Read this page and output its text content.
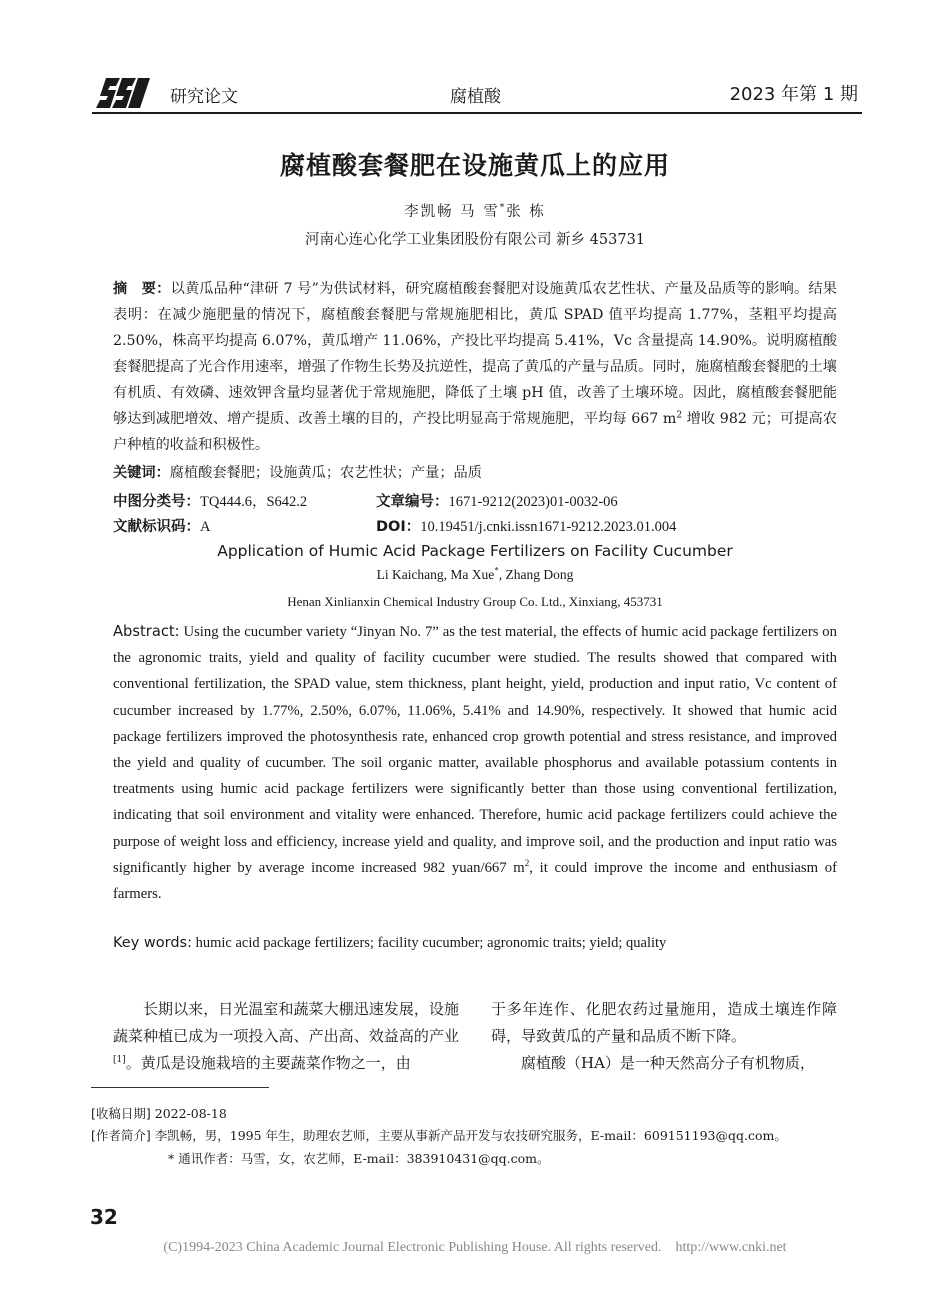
研究论文	腐植酸	2023 年第 1 期
腐植酸套餐肥在设施黄瓜上的应用
李凯畅 马 雪*张 栋
河南心连心化学工业集团股份有限公司 新乡 453731
摘　要：以黄瓜品种“津研 7 号”为供试材料，研究腐植酸套餐肥对设施黄瓜农艺性状、产量及品质等的影响。结果表明：在减少施肥量的情况下，腐植酸套餐肥与常规施肥相比，黄瓜 SPAD 值平均提高 1.77%，茎粗平均提高 2.50%，株高平均提高 6.07%，黄瓜增产 11.06%，产投比平均提高 5.41%，Vc 含量提高 14.90%。说明腐植酸套餐肥提高了光合作用速率，增强了作物生长势及抗逆性，提高了黄瓜的产量与品质。同时，施腐植酸套餐肥的土壤有机质、有效磷、速效钾含量均显著优于常规施肥，降低了土壤 pH 值，改善了土壤环境。因此，腐植酸套餐肥能够达到减肥增效、增产提质、改善土壤的目的，产投比明显高于常规施肥，平均每 667 $m^2$ 增收 982 元；可提高农户种植的收益和积极性。
关键词：腐植酸套餐肥；设施黄瓜；农艺性状；产量；品质
中图分类号：TQ444.6，S642.2	文章编号：1671-9212(2023)01-0032-06
文献标识码：A	DOI：10.19451/j.cnki.issn1671-9212.2023.01.004
Application of Humic Acid Package Fertilizers on Facility Cucumber
Li Kaichang, Ma Xue*, Zhang Dong
Henan Xinlianxin Chemical Industry Group Co. Ltd., Xinxiang, 453731
Abstract: Using the cucumber variety “Jinyan No. 7” as the test material, the effects of humic acid package fertilizers on the agronomic traits, yield and quality of facility cucumber were studied. The results showed that compared with conventional fertilization, the SPAD value, stem thickness, plant height, yield, production and input ratio, Vc content of cucumber increased by 1.77%, 2.50%, 6.07%, 11.06%, 5.41% and 14.90%, respectively. It showed that humic acid package fertilizers improved the photosynthesis rate, enhanced crop growth potential and stress resistance, and improved the yield and quality of cucumber. The soil organic matter, available phosphorus and available potassium contents in treatments using humic acid package fertilizers were significantly better than those using conventional fertilization, indicating that soil environment and vitality were enhanced. Therefore, humic acid package fertilizers could achieve the purpose of weight loss and efficiency, increase yield and quality, and improve soil, and the production and input ratio was significantly higher by average income increased 982 yuan/667 $m^2$, it could improve the income and enthusiasm of farmers.
Key words: humic acid package fertilizers; facility cucumber; agronomic traits; yield; quality

长期以来，日光温室和蔬菜大棚迅速发展，设施蔬菜种植已成为一项投入高、产出高、效益高的产业[1]。黄瓜是设施栽培的主要蔬菜作物之一，由

于多年连作、化肥农药过量施用，造成土壤连作障碍，导致黄瓜的产量和品质不断下降。

腐植酸（HA）是一种天然高分子有机物质，

[收稿日期] 2022-08-18
[作者简介] 李凯畅，男，1995 年生，助理农艺师，主要从事新产品开发与农技研究服务，E-mail：609151193@qq.com。
* 通讯作者：马雪，女，农艺师，E-mail：383910431@qq.com。
32
(C)1994-2023 China Academic Journal Electronic Publishing House. All rights reserved.    http://www.cnki.net
